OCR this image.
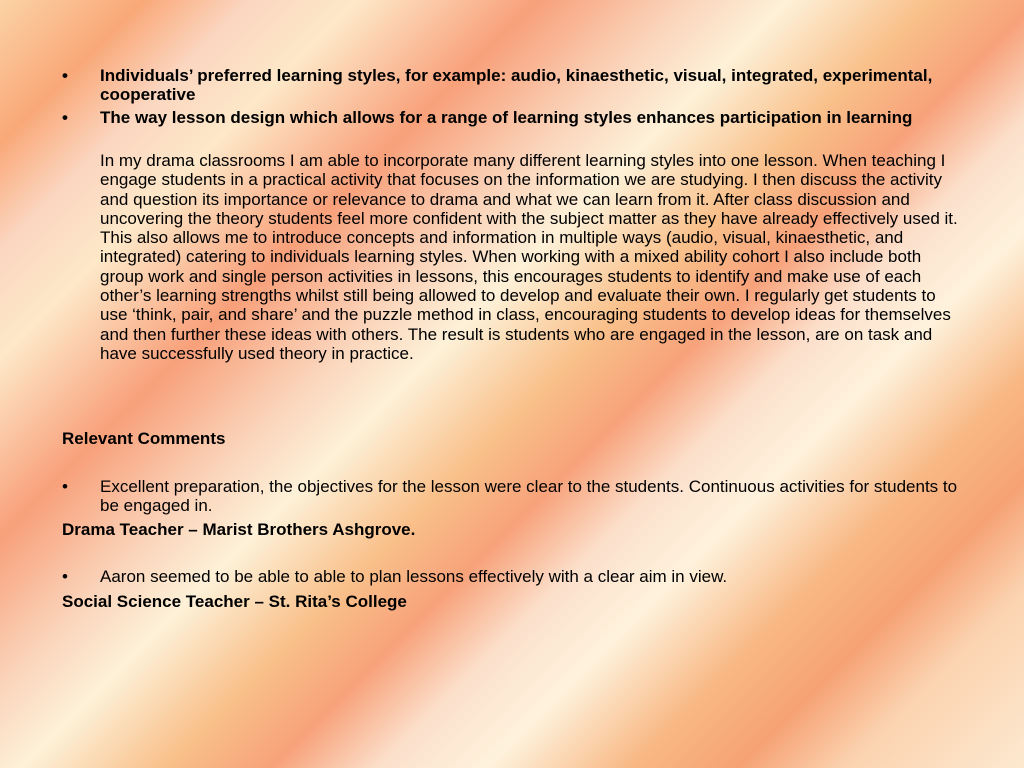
•	Individuals’ preferred learning styles, for example: audio, kinaesthetic, visual, integrated, experimental, cooperative
•	The way lesson design which allows for a range of learning styles enhances participation in learning
In my drama classrooms I am able to incorporate many different learning styles into one lesson. When teaching I engage students in a practical activity that focuses on the information we are studying. I then discuss the activity and question its importance or relevance to drama and what we can learn from it. After class discussion and uncovering the theory students feel more confident with the subject matter as they have already effectively used it. This also allows me to introduce concepts and information in multiple ways (audio, visual, kinaesthetic, and integrated) catering to individuals learning styles. When working with a mixed ability cohort I also include both group work and single person activities in lessons, this encourages students to identify and make use of each other’s learning strengths whilst still being allowed to develop and evaluate their own. I regularly get students to use ‘think, pair, and share’ and the puzzle method in class, encouraging students to develop ideas for themselves and then further these ideas with others. The result is students who are engaged in the lesson, are on task and have successfully used theory in practice.
Relevant Comments
•	Excellent preparation, the objectives for the lesson were clear to the students. Continuous activities for students to be engaged in.
Drama Teacher – Marist Brothers Ashgrove.
•	Aaron seemed to be able to able to plan lessons effectively with a clear aim in view.
Social Science Teacher – St. Rita’s College
